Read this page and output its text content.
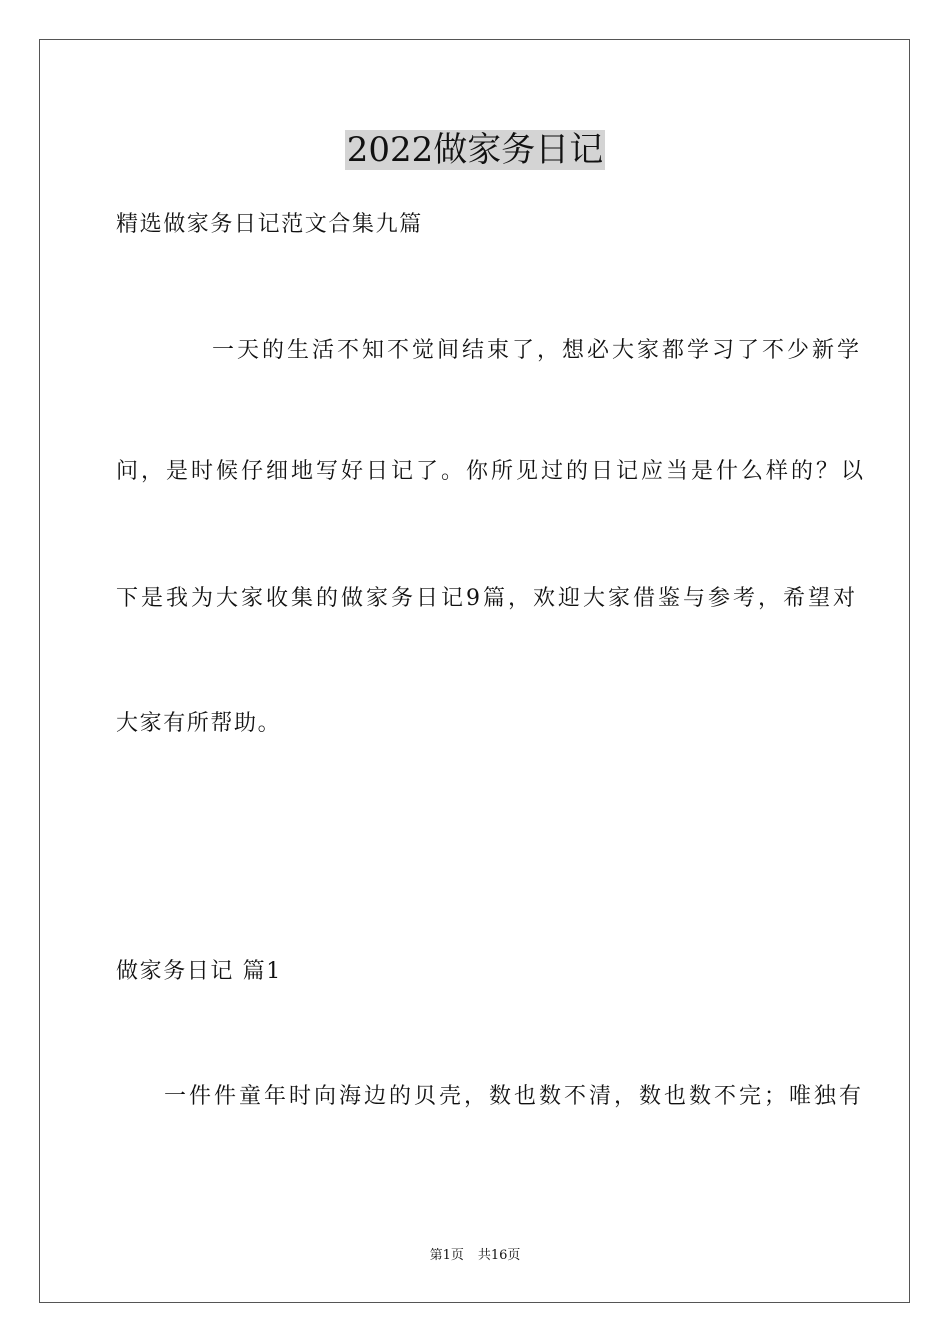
2022做家务日记
精选做家务日记范文合集九篇
一天的生活不知不觉间结束了，想必大家都学习了不少新学
问，是时候仔细地写好日记了。你所见过的日记应当是什么样的？以
下是我为大家收集的做家务日记9篇，欢迎大家借鉴与参考，希望对
大家有所帮助。
做家务日记 篇1
一件件童年时向海边的贝壳，数也数不清，数也数不完；唯独有
第1页 共16页
